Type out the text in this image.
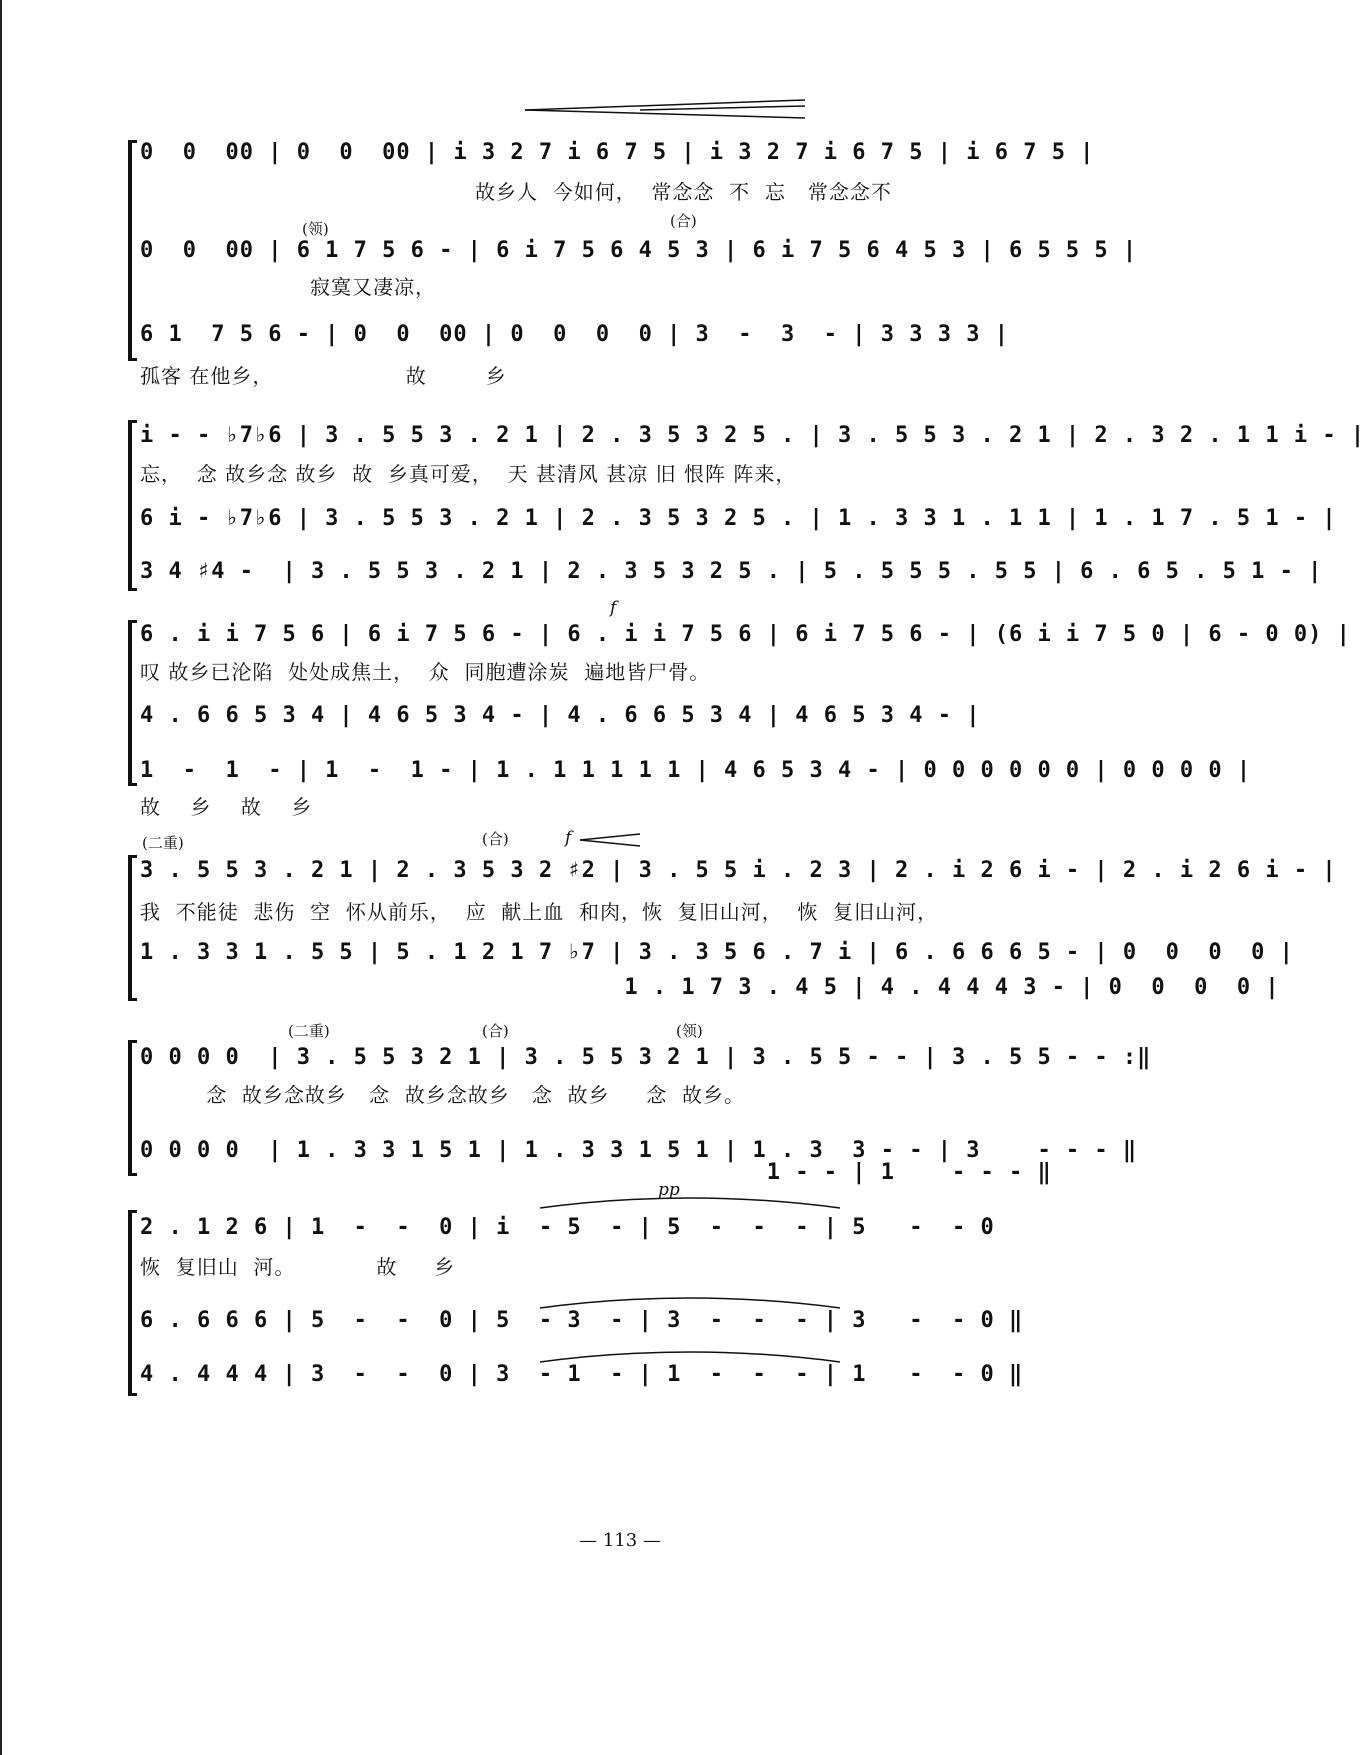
0  0  00 | 0  0  00 | i 3 2 7 i 6 7 5 | i 3 2 7 i 6 7 5 | i 6 7 5 |
故乡人  今如何，  常念念  不  忘   常念念不
(领)	(合)
0  0  00 | 6 1 7 5 6 - | 6 i 7 5 6 4 5 3 | 6 i 7 5 6 4 5 3 | 6 5 5 5 |
寂寞又凄凉，
6 1  7 5 6 - | 0  0  00 | 0  0  0  0 | 3  -  3  - | 3 3 3 3 |
孤客 在他乡，                  故        乡
i - - ♭7♭6 | 3 . 5 5 3 . 2 1 | 2 . 3 5 3 2 5 . | 3 . 5 5 3 . 2 1 | 2 . 3 2 . 1 1 i - |
忘，  念 故乡念 故乡  故  乡真可爱，  天 甚清风 甚凉 旧 恨阵 阵来，
6 i - ♭7♭6 | 3 . 5 5 3 . 2 1 | 2 . 3 5 3 2 5 . | 1 . 3 3 1 . 1 1 | 1 . 1 7 . 5 1 - |
3 4 ♯4 -  | 3 . 5 5 3 . 2 1 | 2 . 3 5 3 2 5 . | 5 . 5 5 5 . 5 5 | 6 . 6 5 . 5 1 - |
f
6 . i i 7 5 6 | 6 i 7 5 6 - | 6 . i i 7 5 6 | 6 i 7 5 6 - | (6 i i 7 5 0 | 6 - 0 0) |
叹 故乡已沦陷  处处成焦土，  众  同胞遭涂炭  遍地皆尸骨。
4 . 6 6 5 3 4 | 4 6 5 3 4 - | 4 . 6 6 5 3 4 | 4 6 5 3 4 - |
1  -  1  - | 1  -  1 - | 1 . 1 1 1 1 1 | 4 6 5 3 4 - | 0 0 0 0 0 0 | 0 0 0 0 |
故    乡    故    乡
(二重)	(合)	f
3 . 5 5 3 . 2 1 | 2 . 3 5 3 2 ♯2 | 3 . 5 5 i . 2 3 | 2 . i 2 6 i - | 2 . i 2 6 i - |
我  不能徒  悲伤  空  怀从前乐，  应  献上血  和肉，恢  复旧山河，  恢  复旧山河，
1 . 3 3 1 . 5 5 | 5 . 1 2 1 7 ♭7 | 3 . 3 5 6 . 7 i | 6 . 6 6 6 5 - | 0  0  0  0 |
1 . 1 7 3 . 4 5 | 4 . 4 4 4 3 - | 0  0  0  0 |
(二重)	(合)	(领)
0 0 0 0  | 3 . 5 5 3 2 1 | 3 . 5 5 3 2 1 | 3 . 5 5 - - | 3 . 5 5 - - :‖
念  故乡念故乡   念  故乡念故乡   念  故乡     念  故乡。
0 0 0 0  | 1 . 3 3 1 5 1 | 1 . 3 3 1 5 1 | 1 . 3  3 - - | 3    - - - ‖
1 - - | 1    - - - ‖
pp
2 . 1 2 6 | 1  -  -  0 | i  - 5  - | 5  -  -  - | 5   -  - 0
恢  复旧山  河。           故     乡
6 . 6 6 6 | 5  -  -  0 | 5  - 3  - | 3  -  -  - | 3   -  - 0 ‖
4 . 4 4 4 | 3  -  -  0 | 3  - 1  - | 1  -  -  - | 1   -  - 0 ‖
— 113 —
